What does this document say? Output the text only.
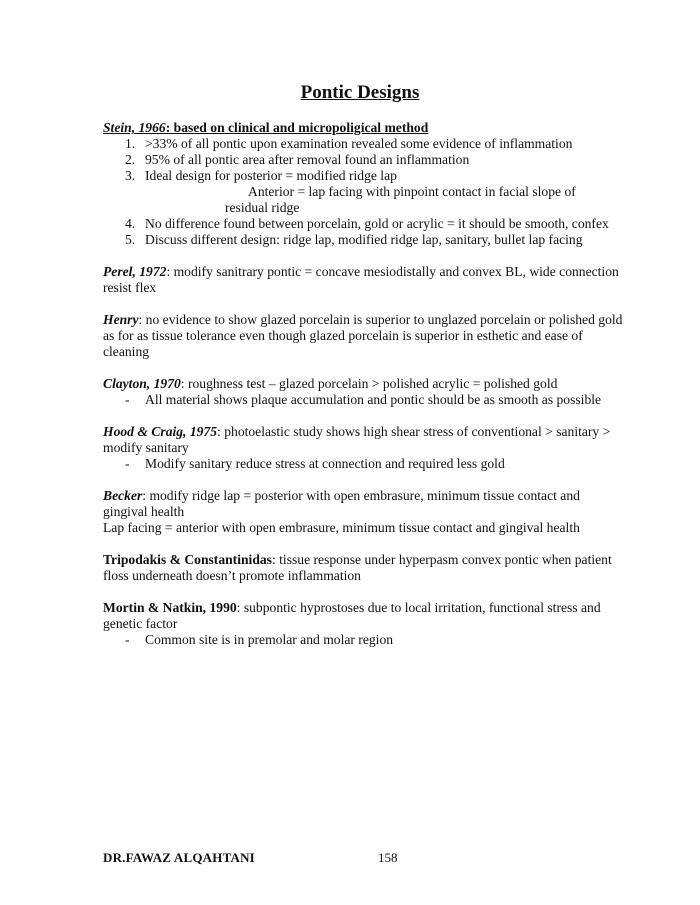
Pontic Designs

Stein, 1966: based on clinical and micropoligical method

1. >33% of all pontic upon examination revealed some evidence of inflammation

2. 95% of all pontic area after removal found an inflammation

3. Ideal design for posterior = modified ridge lap

Anterior = lap facing with pinpoint contact in facial slope of

residual ridge

4. No difference found between porcelain, gold or acrylic = it should be smooth, confex

5. Discuss different design: ridge lap, modified ridge lap, sanitary, bullet lap facing

Perel, 1972: modify sanitrary pontic = concave mesiodistally and convex BL, wide connection resist flex

Henry: no evidence to show glazed porcelain is superior to unglazed porcelain or polished gold as for as tissue tolerance even though glazed porcelain is superior in esthetic and ease of cleaning

Clayton, 1970: roughness test – glazed porcelain > polished acrylic = polished gold

- All material shows plaque accumulation and pontic should be as smooth as possible

Hood & Craig, 1975: photoelastic study shows high shear stress of conventional > sanitary > modify sanitary

- Modify sanitary reduce stress at connection and required less gold

Becker: modify ridge lap = posterior with open embrasure, minimum tissue contact and gingival health

Lap facing = anterior with open embrasure, minimum tissue contact and gingival health

Tripodakis & Constantinidas: tissue response under hyperpasm convex pontic when patient floss underneath doesn’t promote inflammation

Mortin & Natkin, 1990: subpontic hyprostoses due to local irritation, functional stress and genetic factor

- Common site is in premolar and molar region

DR.FAWAZ ALQAHTANI	158
